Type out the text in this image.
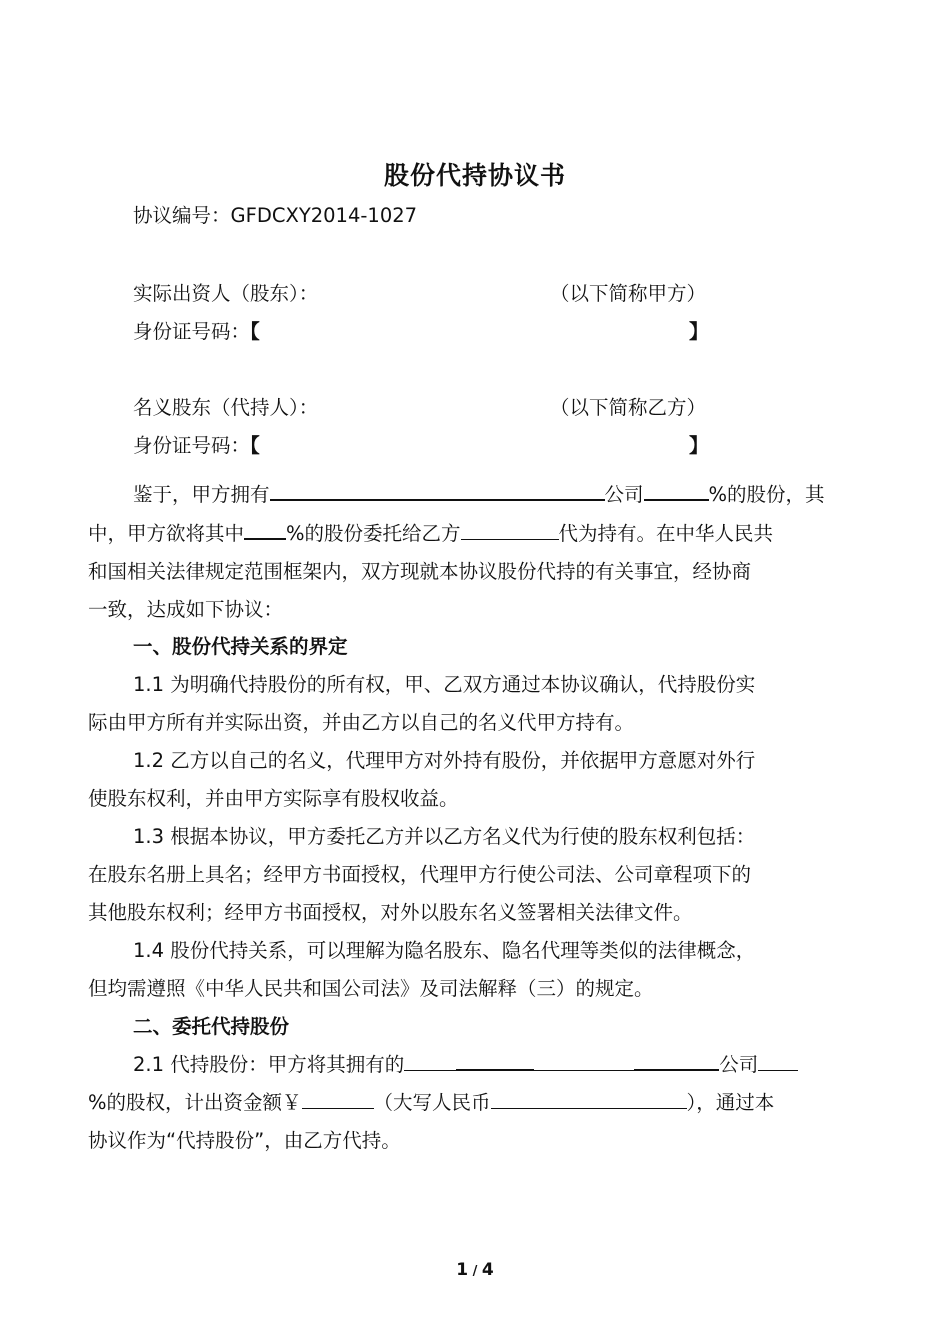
股份代持协议书
协议编号：GFDCXY2014-1027
实际出资人（股东）：	（以下简称甲方）
身份证号码：【	】
名义股东（代持人）：	（以下简称乙方）
身份证号码：【	】
鉴于，甲方拥有	公司	%的股份，其
中，甲方欲将其中 %的股份委托给乙方	代为持有。在中华人民共
和国相关法律规定范围框架内，双方现就本协议股份代持的有关事宜，经协商
一致，达成如下协议：
一、股份代持关系的界定
1.1 为明确代持股份的所有权，甲、乙双方通过本协议确认，代持股份实
际由甲方所有并实际出资，并由乙方以自己的名义代甲方持有。
1.2 乙方以自己的名义，代理甲方对外持有股份，并依据甲方意愿对外行
使股东权利，并由甲方实际享有股权收益。
1.3 根据本协议，甲方委托乙方并以乙方名义代为行使的股东权利包括：
在股东名册上具名；经甲方书面授权，代理甲方行使公司法、公司章程项下的
其他股东权利；经甲方书面授权，对外以股东名义签署相关法律文件。
1.4 股份代持关系，可以理解为隐名股东、隐名代理等类似的法律概念，
但均需遵照《中华人民共和国公司法》及司法解释（三）的规定。
二、委托代持股份
2.1 代持股份：甲方将其拥有的	公司
%的股权，计出资金额￥	（大写人民币	），通过本
协议作为“代持股份”，由乙方代持。
1 / 4
